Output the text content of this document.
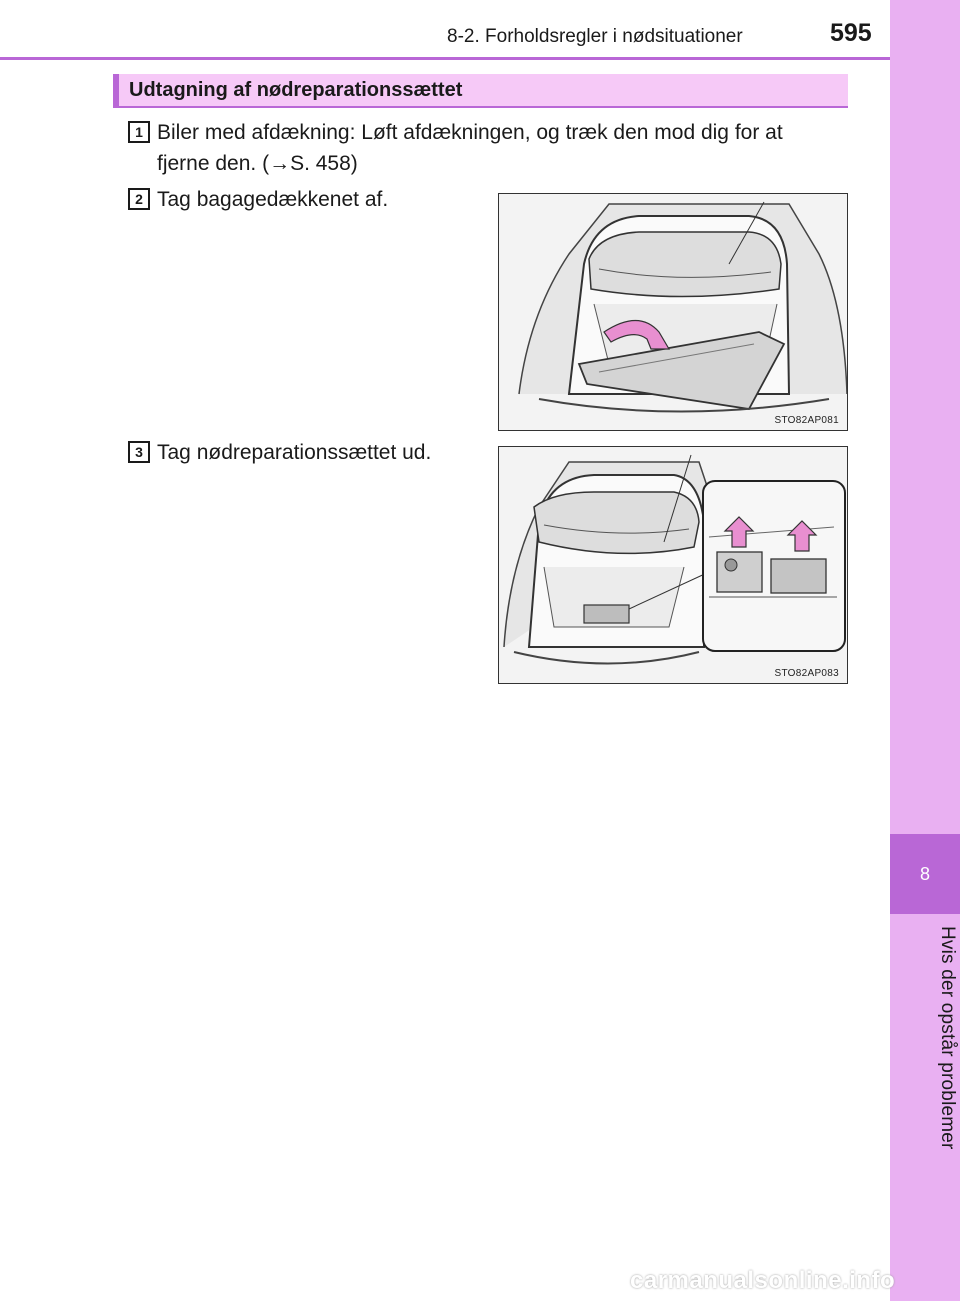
8
Hvis der opstår problemer
8-2. Forholdsregler i nødsituationer	595
Udtagning af nødreparationssættet
1 Biler med afdækning: Løft afdækningen, og træk den mod dig for at
fjerne den. (→S. 458)
2 Tag bagagedækkenet af.
STO82AP081
3 Tag nødreparationssættet ud.
STO82AP083
carmanualsonline.info
